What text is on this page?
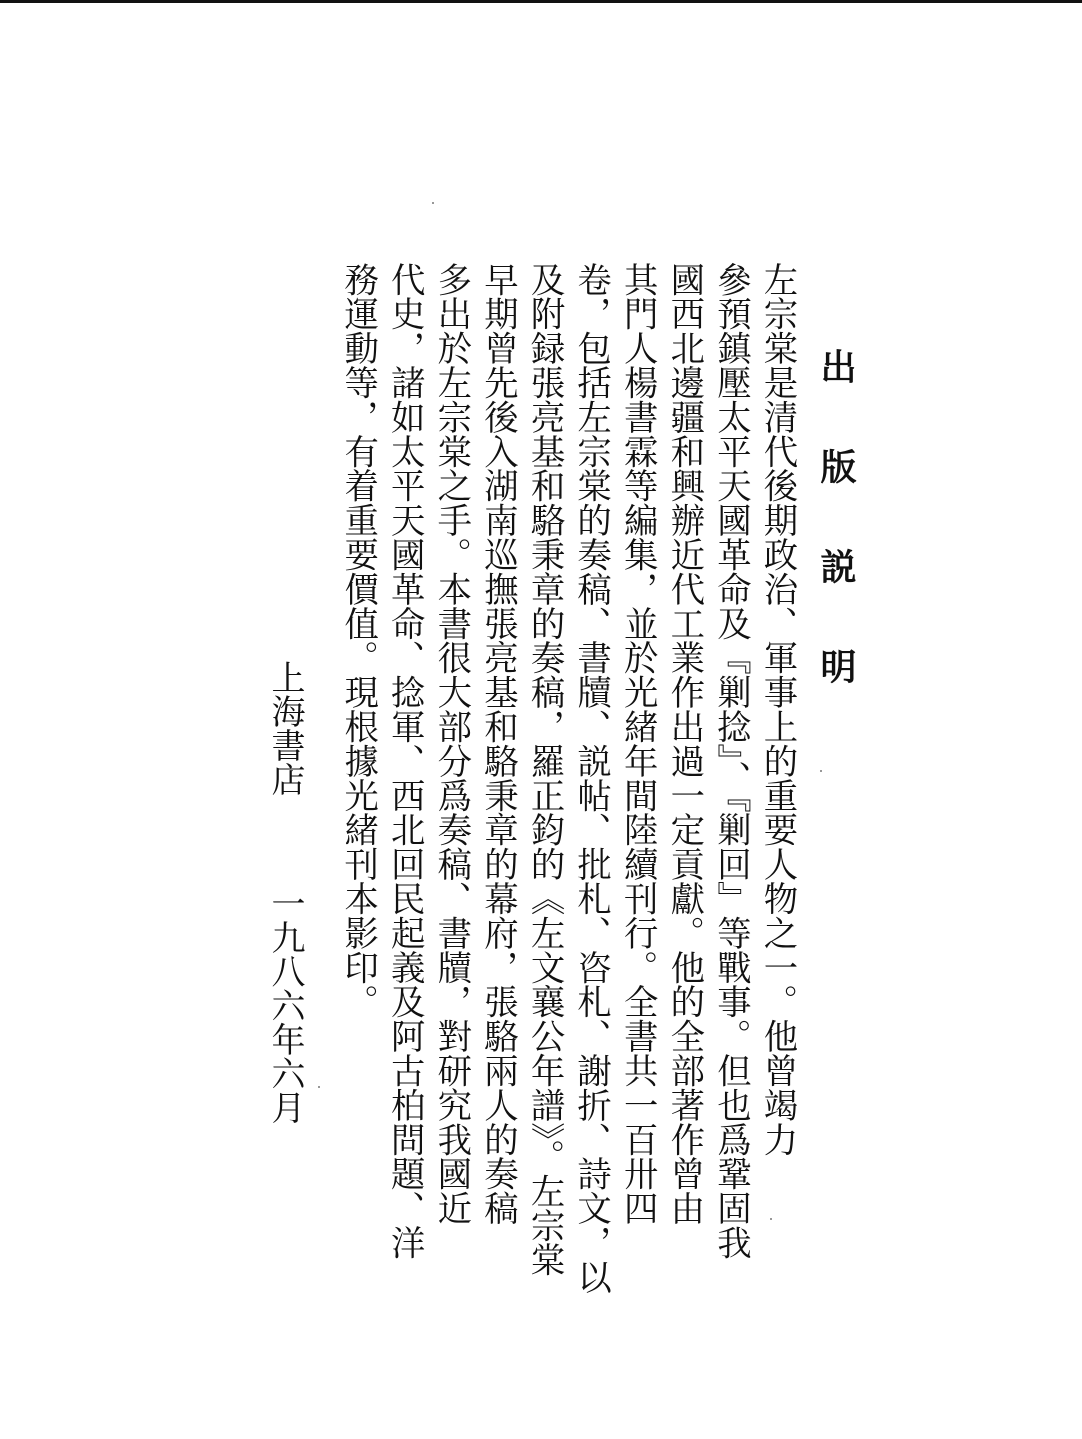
出版説明
左宗棠是清代後期政治、軍事上的重要人物之一。他曾竭力
參預鎮壓太平天國革命及『剿捻』、『剿回』等戰事。但也爲鞏固我
國西北邊疆和興辦近代工業作出過一定貢獻。他的全部著作曾由
其門人楊書霖等編集，並於光緒年間陸續刊行。全書共一百卅四
卷，包括左宗棠的奏稿、書牘、説帖、批札、咨札、謝折、詩文，以
及附録張亮基和駱秉章的奏稿，羅正鈞的《左文襄公年譜》。左宗棠
早期曾先後入湖南巡撫張亮基和駱秉章的幕府，張駱兩人的奏稿
多出於左宗棠之手。本書很大部分爲奏稿、書牘，對研究我國近
代史，諸如太平天國革命、捻軍、西北回民起義及阿古柏問題、洋
務運動等，有着重要價值。現根據光緒刊本影印。
上海書店一九八六年六月
